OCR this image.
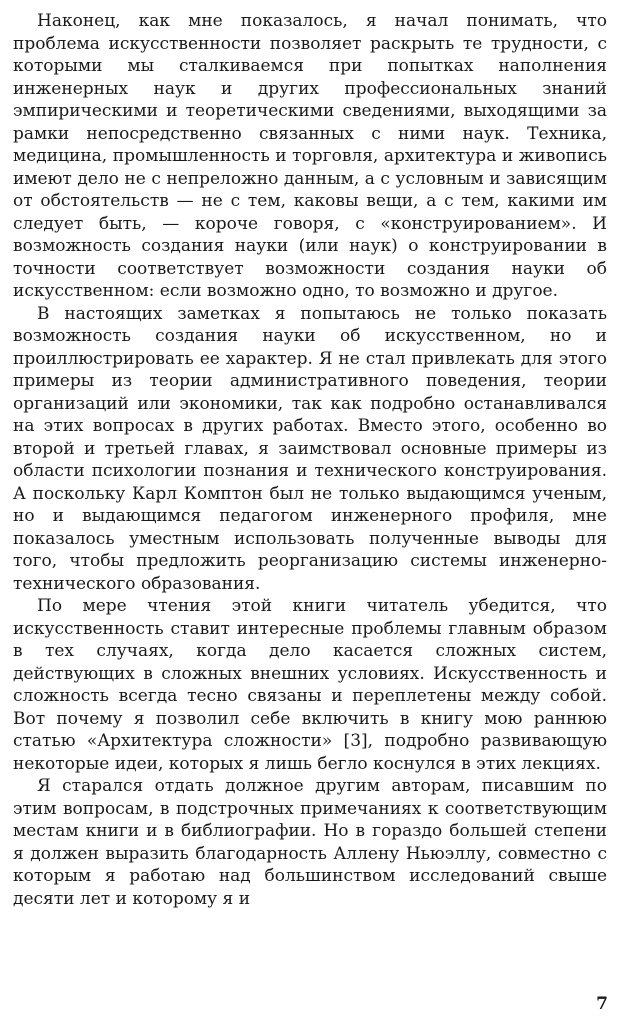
Наконец, как мне показалось, я начал понимать, что проблема искусственности позволяет раскрыть те трудности, с которыми мы сталкиваемся при попытках наполнения инженерных наук и других профессиональных знаний эмпирическими и теоретическими сведениями, выходящими за рамки непосредственно связанных с ними наук. Техника, медицина, промышленность и торговля, архитектура и живопись имеют дело не с непреложно данным, а с условным и зависящим от обстоятельств — не с тем, каковы вещи, а с тем, какими им следует быть, — короче говоря, с «конструированием». И возможность создания науки (или наук) о конструировании в точности соответствует возможности создания науки об искусственном: если возможно одно, то возможно и другое.

В настоящих заметках я попытаюсь не только показать возможность создания науки об искусственном, но и проиллюстрировать ее характер. Я не стал привлекать для этого примеры из теории административного поведения, теории организаций или экономики, так как подробно останавливался на этих вопросах в других работах. Вместо этого, особенно во второй и третьей главах, я заимствовал основные примеры из области психологии познания и технического конструирования. А поскольку Карл Комптон был не только выдающимся ученым, но и выдающимся педагогом инженерного профиля, мне показалось уместным использовать полученные выводы для того, чтобы предложить реорганизацию системы инженерно-технического образования.

По мере чтения этой книги читатель убедится, что искусственность ставит интересные проблемы главным образом в тех случаях, когда дело касается сложных систем, действующих в сложных внешних условиях. Искусственность и сложность всегда тесно связаны и переплетены между собой. Вот почему я позволил себе включить в книгу мою раннюю статью «Архитектура сложности» [3], подробно развивающую некоторые идеи, которых я лишь бегло коснулся в этих лекциях.

Я старался отдать должное другим авторам, писавшим по этим вопросам, в подстрочных примечаниях к соответствующим местам книги и в библиографии. Но в гораздо большей степени я должен выразить благодарность Аллену Ньюэллу, совместно с которым я работаю над большинством исследований свыше десяти лет и которому я и

7
